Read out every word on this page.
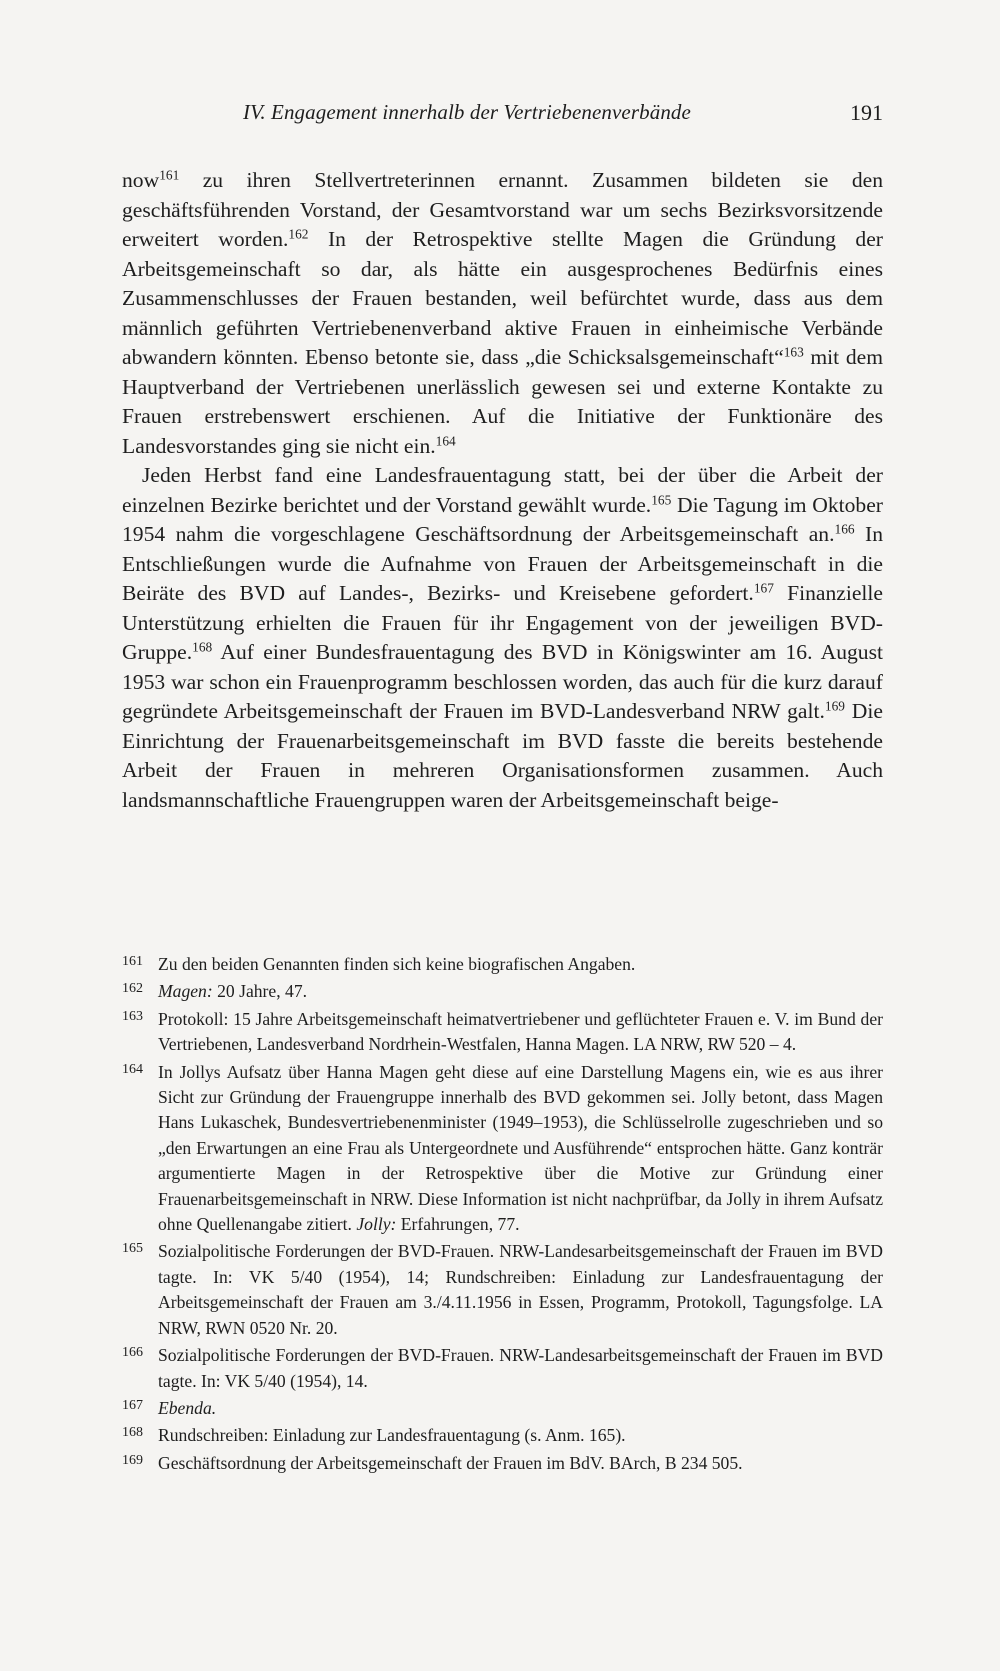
IV. Engagement innerhalb der Vertriebenenverbände	191

now$^{161}$ zu ihren Stellvertreterinnen ernannt. Zusammen bildeten sie den geschäftsführenden Vorstand, der Gesamtvorstand war um sechs Bezirksvorsitzende erweitert worden.$^{162}$ In der Retrospektive stellte Magen die Gründung der Arbeitsgemeinschaft so dar, als hätte ein ausgesprochenes Bedürfnis eines Zusammenschlusses der Frauen bestanden, weil befürchtet wurde, dass aus dem männlich geführten Vertriebenenverband aktive Frauen in einheimische Verbände abwandern könnten. Ebenso betonte sie, dass „die Schicksalsgemeinschaft“$^{163}$ mit dem Hauptverband der Vertriebenen unerlässlich gewesen sei und externe Kontakte zu Frauen erstrebenswert erschienen. Auf die Initiative der Funktionäre des Landesvorstandes ging sie nicht ein.$^{164}$

Jeden Herbst fand eine Landesfrauentagung statt, bei der über die Arbeit der einzelnen Bezirke berichtet und der Vorstand gewählt wurde.$^{165}$ Die Tagung im Oktober 1954 nahm die vorgeschlagene Geschäftsordnung der Arbeitsgemeinschaft an.$^{166}$ In Entschließungen wurde die Aufnahme von Frauen der Arbeitsgemeinschaft in die Beiräte des BVD auf Landes-, Bezirks- und Kreisebene gefordert.$^{167}$ Finanzielle Unterstützung erhielten die Frauen für ihr Engagement von der jeweiligen BVD-Gruppe.$^{168}$ Auf einer Bundesfrauentagung des BVD in Königswinter am 16. August 1953 war schon ein Frauenprogramm beschlossen worden, das auch für die kurz darauf gegründete Arbeitsgemeinschaft der Frauen im BVD-Landesverband NRW galt.$^{169}$ Die Einrichtung der Frauenarbeitsgemeinschaft im BVD fasste die bereits bestehende Arbeit der Frauen in mehreren Organisationsformen zusammen. Auch landsmannschaftliche Frauengruppen waren der Arbeitsgemeinschaft beige-

161 Zu den beiden Genannten finden sich keine biografischen Angaben.
162 Magen: 20 Jahre, 47.
163 Protokoll: 15 Jahre Arbeitsgemeinschaft heimatvertriebener und geflüchteter Frauen e. V. im Bund der Vertriebenen, Landesverband Nordrhein-Westfalen, Hanna Magen. LA NRW, RW 520 – 4.
164 In Jollys Aufsatz über Hanna Magen geht diese auf eine Darstellung Magens ein, wie es aus ihrer Sicht zur Gründung der Frauengruppe innerhalb des BVD gekommen sei. Jolly betont, dass Magen Hans Lukaschek, Bundesvertriebenenminister (1949–1953), die Schlüsselrolle zugeschrieben und so „den Erwartungen an eine Frau als Untergeordnete und Ausführende“ entsprochen hätte. Ganz konträr argumentierte Magen in der Retrospektive über die Motive zur Gründung einer Frauenarbeitsgemeinschaft in NRW. Diese Information ist nicht nachprüfbar, da Jolly in ihrem Aufsatz ohne Quellenangabe zitiert. Jolly: Erfahrungen, 77.
165 Sozialpolitische Forderungen der BVD-Frauen. NRW-Landesarbeitsgemeinschaft der Frauen im BVD tagte. In: VK 5/40 (1954), 14; Rundschreiben: Einladung zur Landesfrauentagung der Arbeitsgemeinschaft der Frauen am 3./4.11.1956 in Essen, Programm, Protokoll, Tagungsfolge. LA NRW, RWN 0520 Nr. 20.
166 Sozialpolitische Forderungen der BVD-Frauen. NRW-Landesarbeitsgemeinschaft der Frauen im BVD tagte. In: VK 5/40 (1954), 14.
167 Ebenda.
168 Rundschreiben: Einladung zur Landesfrauentagung (s. Anm. 165).
169 Geschäftsordnung der Arbeitsgemeinschaft der Frauen im BdV. BArch, B 234 505.
